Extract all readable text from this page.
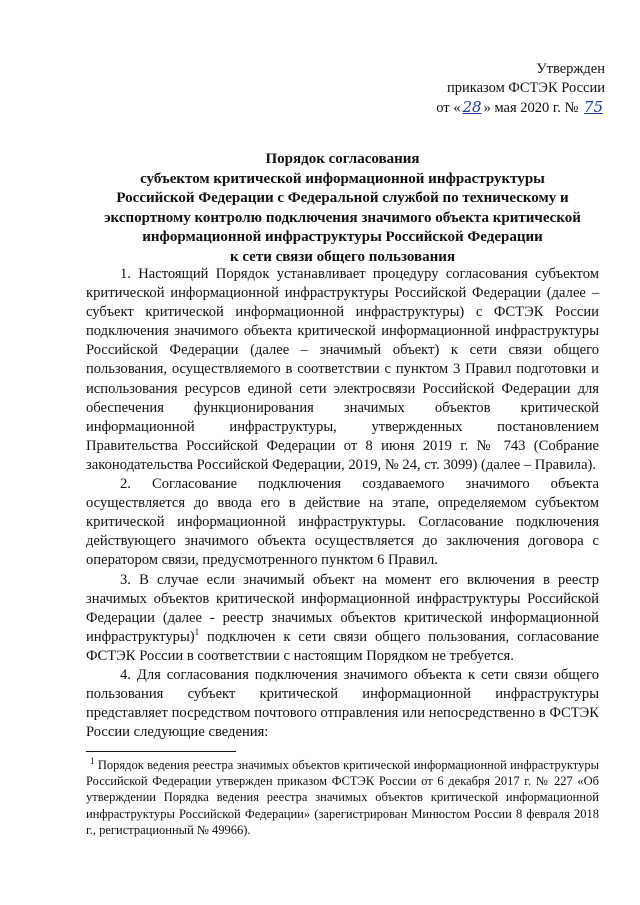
Утвержден
приказом ФСТЭК России
от « 28 » мая 2020 г. № 75
Порядок согласования
субъектом критической информационной инфраструктуры
Российской Федерации с Федеральной службой по техническому и
экспортному контролю подключения значимого объекта критической
информационной инфраструктуры Российской Федерации
к сети связи общего пользования

1. Настоящий Порядок устанавливает процедуру согласования субъектом критической информационной инфраструктуры Российской Федерации (далее – субъект критической информационной инфраструктуры) с ФСТЭК России подключения значимого объекта критической информационной инфраструктуры Российской Федерации (далее – значимый объект) к сети связи общего пользования, осуществляемого в соответствии с пунктом 3 Правил подготовки и использования ресурсов единой сети электросвязи Российской Федерации для обеспечения функционирования значимых объектов критической информационной инфраструктуры, утвержденных постановлением Правительства Российской Федерации от 8 июня 2019 г. № 743 (Собрание законодательства Российской Федерации, 2019, № 24, ст. 3099) (далее – Правила).

2. Согласование подключения создаваемого значимого объекта осуществляется до ввода его в действие на этапе, определяемом субъектом критической информационной инфраструктуры. Согласование подключения действующего значимого объекта осуществляется до заключения договора с оператором связи, предусмотренного пунктом 6 Правил.

3. В случае если значимый объект на момент его включения в реестр значимых объектов критической информационной инфраструктуры Российской Федерации (далее - реестр значимых объектов критической информационной инфраструктуры)$^1$ подключен к сети связи общего пользования, согласование ФСТЭК России в соответствии с настоящим Порядком не требуется.

4. Для согласования подключения значимого объекта к сети связи общего пользования субъект критической информационной инфраструктуры представляет посредством почтового отправления или непосредственно в ФСТЭК России следующие сведения:

$^1$ Порядок ведения реестра значимых объектов критической информационной инфраструктуры Российской Федерации утвержден приказом ФСТЭК России от 6 декабря 2017 г. № 227 «Об утверждении Порядка ведения реестра значимых объектов критической информационной инфраструктуры Российской Федерации» (зарегистрирован Минюстом России 8 февраля 2018 г., регистрационный № 49966).
